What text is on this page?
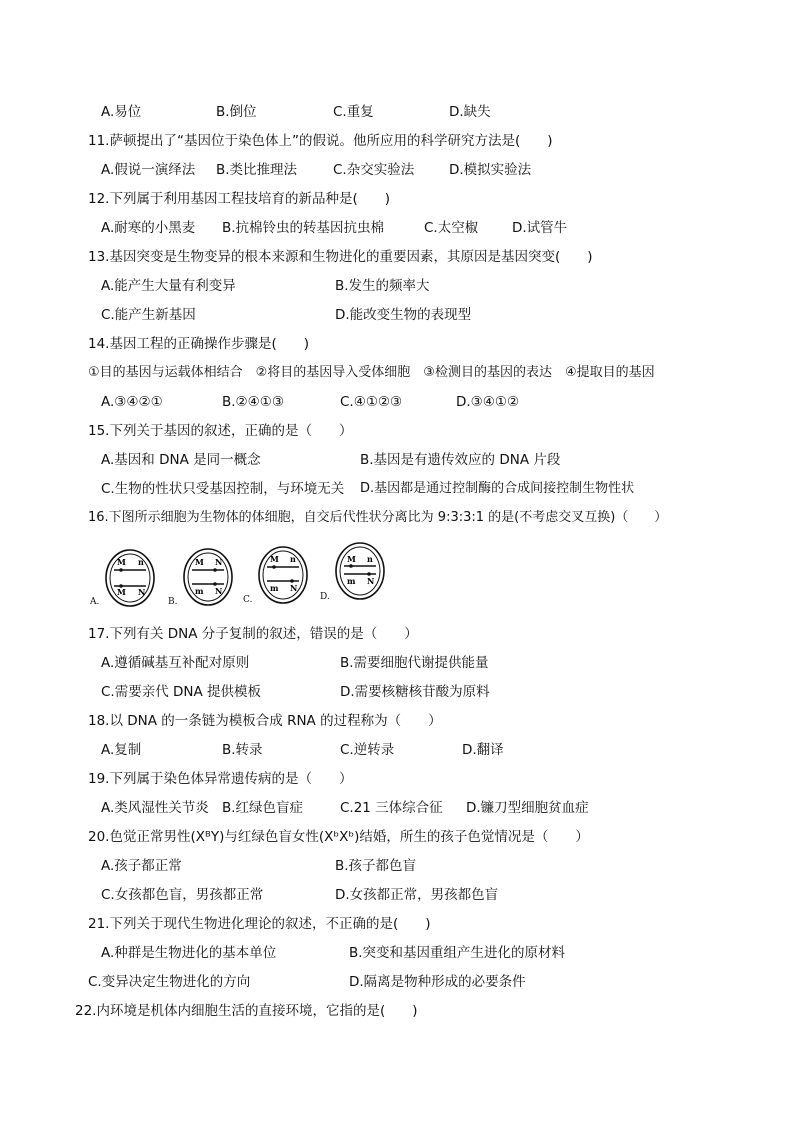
A.易位	B.倒位	C.重复	D.缺失
11.萨顿提出了“基因位于染色体上”的假说。他所应用的科学研究方法是(　　)
A.假说一演绎法 B.类比推理法	C.杂交实验法	D.模拟实验法
12.下列属于利用基因工程技培育的新品种是(　　)
A.耐寒的小黑麦 B.抗棉铃虫的转基因抗虫棉	C.太空椒	D.试管牛
13.基因突变是生物变异的根本来源和生物进化的重要因素，其原因是基因突变(　　)
A.能产生大量有利变异	B.发生的频率大
C.能产生新基因	D.能改变生物的表现型
14.基因工程的正确操作步骤是(　　)
①目的基因与运载体相结合　②将目的基因导入受体细胞　③检测目的基因的表达　④提取目的基因
A.③④②①	B.②④①③	C.④①②③	D.③④①②
15.下列关于基因的叙述，正确的是（　　）
A.基因和 DNA 是同一概念	B.基因是有遗传效应的 DNA 片段
C.生物的性状只受基因控制，与环境无关 D.基因都是通过控制酶的合成间接控制生物性状
16.下图所示细胞为生物体的体细胞，自交后代性状分离比为 9:3:3:1 的是(不考虑交叉互换)（　　）
M n
M N
A.
M N
m N
B.
M n
m N
C.
M n
m N
D.
17.下列有关 DNA 分子复制的叙述，错误的是（　　）
A.遵循碱基互补配对原则	B.需要细胞代谢提供能量
C.需要亲代 DNA 提供模板	D.需要核糖核苷酸为原料
18.以 DNA 的一条链为模板合成 RNA 的过程称为（　　）
A.复制	B.转录	C.逆转录	D.翻译
19.下列属于染色体异常遗传病的是（　　）
A.类风湿性关节炎 B.红绿色盲症	C.21 三体综合征 D.镰刀型细胞贫血症
20.色觉正常男性(XᴮY)与红绿色盲女性(XᵇXᵇ)结婚，所生的孩子色觉情况是（　　）
A.孩子都正常	B.孩子都色盲
C.女孩都色盲，男孩都正常	D.女孩都正常，男孩都色盲
21.下列关于现代生物进化理论的叙述，不正确的是(　　)
A.种群是生物进化的基本单位	B.突变和基因重组产生进化的原材料
C.变异决定生物进化的方向	D.隔离是物种形成的必要条件
22.内环境是机体内细胞生活的直接环境，它指的是(　　)
